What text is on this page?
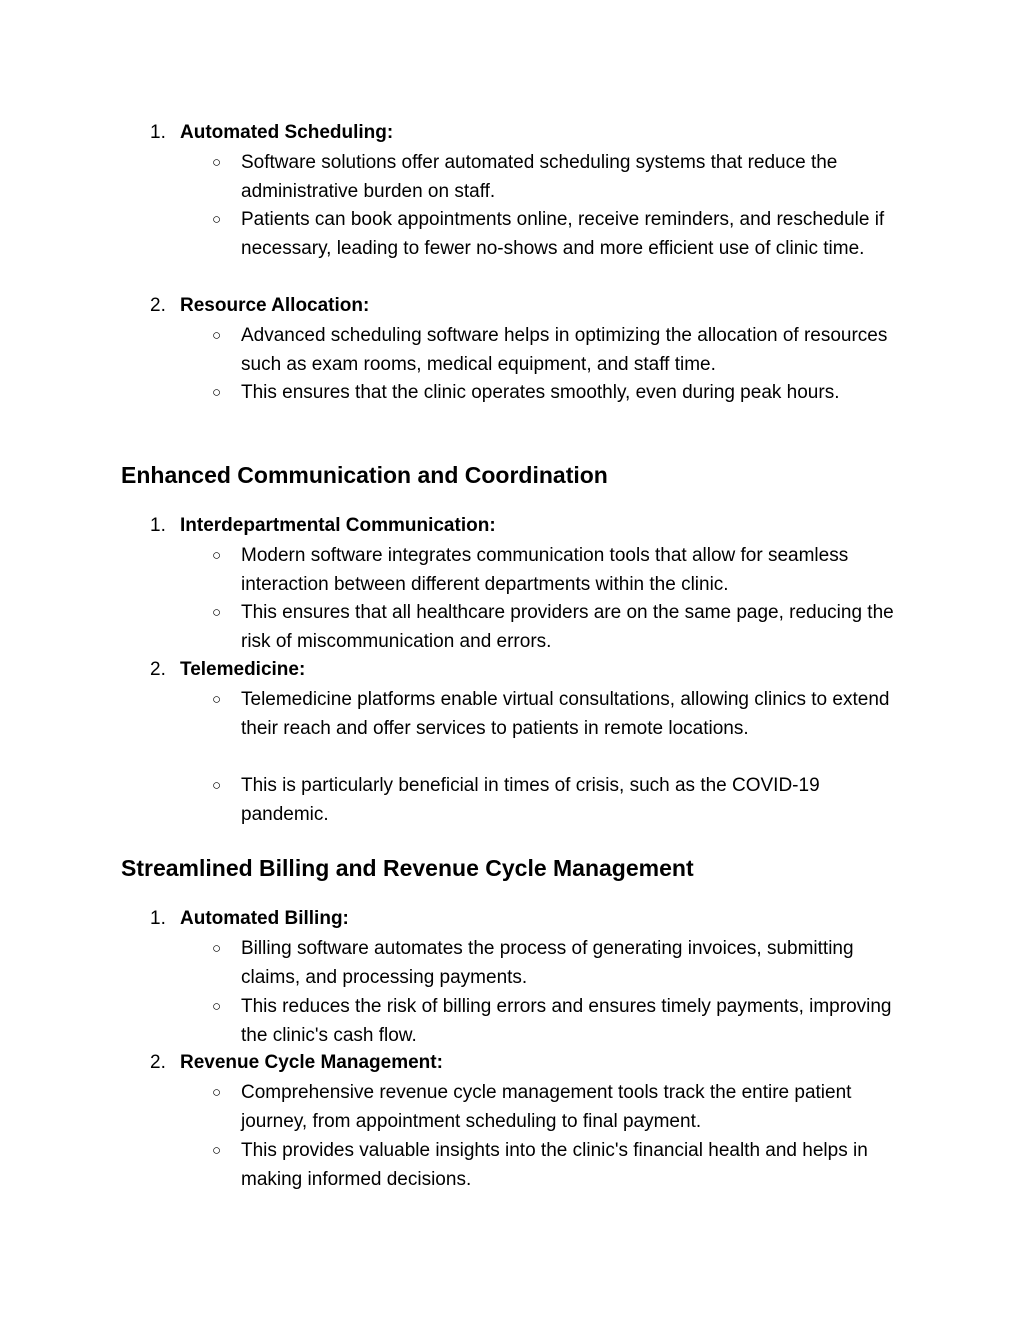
1. Automated Scheduling:
○ Software solutions offer automated scheduling systems that reduce the administrative burden on staff.
○ Patients can book appointments online, receive reminders, and reschedule if necessary, leading to fewer no-shows and more efficient use of clinic time.
2. Resource Allocation:
○ Advanced scheduling software helps in optimizing the allocation of resources such as exam rooms, medical equipment, and staff time.
○ This ensures that the clinic operates smoothly, even during peak hours.
Enhanced Communication and Coordination
1. Interdepartmental Communication:
○ Modern software integrates communication tools that allow for seamless interaction between different departments within the clinic.
○ This ensures that all healthcare providers are on the same page, reducing the risk of miscommunication and errors.
2. Telemedicine:
○ Telemedicine platforms enable virtual consultations, allowing clinics to extend their reach and offer services to patients in remote locations.
○ This is particularly beneficial in times of crisis, such as the COVID-19 pandemic.
Streamlined Billing and Revenue Cycle Management
1. Automated Billing:
○ Billing software automates the process of generating invoices, submitting claims, and processing payments.
○ This reduces the risk of billing errors and ensures timely payments, improving the clinic's cash flow.
2. Revenue Cycle Management:
○ Comprehensive revenue cycle management tools track the entire patient journey, from appointment scheduling to final payment.
○ This provides valuable insights into the clinic's financial health and helps in making informed decisions.
